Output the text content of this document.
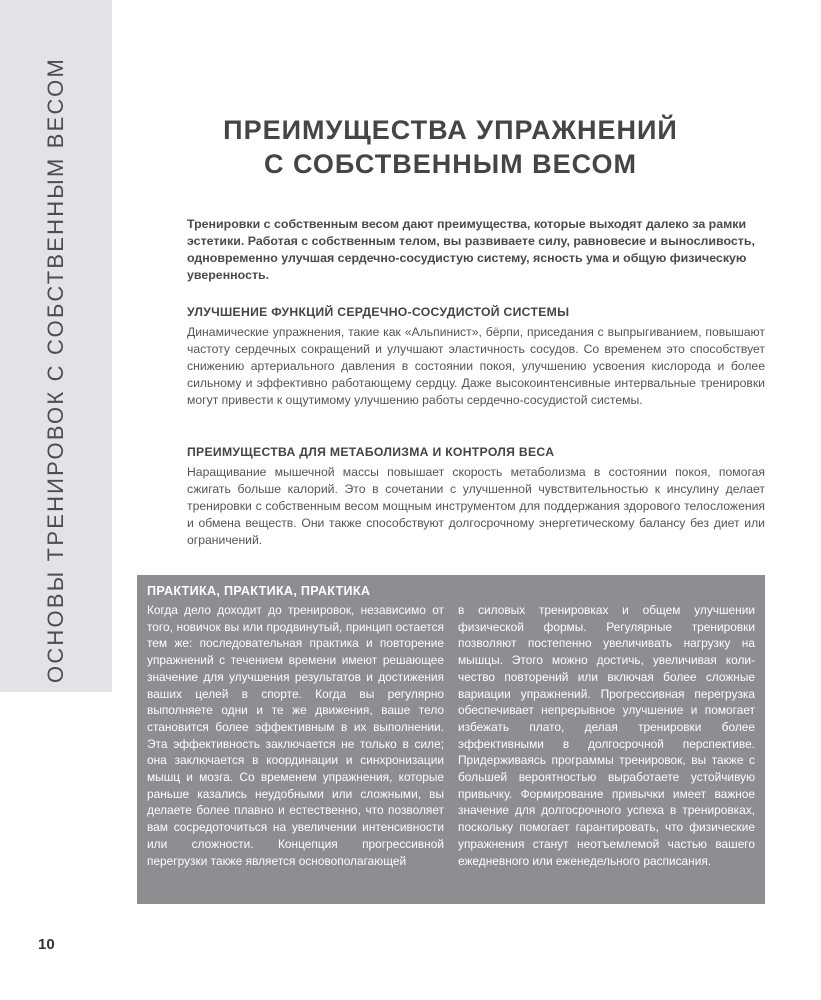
ОСНОВЫ ТРЕНИРОВОК С СОБСТВЕННЫМ ВЕСОМ	ПРЕИМУЩЕСТВА УПРАЖНЕНИЙ
С СОБСТВЕННЫМ ВЕСОМ
Тренировки с собственным весом дают преимущества, которые выходят далеко за рамки эстетики. Работая с собственным телом, вы развиваете силу, равновесие и выносливость, одновременно улучшая сердечно-сосудистую систему, ясность ума и общую физическую уверенность.
УЛУЧШЕНИЕ ФУНКЦИЙ СЕРДЕЧНО-СОСУДИСТОЙ СИСТЕМЫ

Динамические упражнения, такие как «Альпинист», бёрпи, приседания с выпрыгиванием, повышают частоту сердечных сокращений и улучшают эластичность сосудов. Со временем это способствует снижению артериального давления в состоянии покоя, улучшению усвоения кислорода и более сильному и эффективно работающему сердцу. Даже высокоинтенсивные интервальные тренировки могут привести к ощутимому улучшению работы сердечно-сосудистой системы.

ПРЕИМУЩЕСТВА ДЛЯ МЕТАБОЛИЗМА И КОНТРОЛЯ ВЕСА

Наращивание мышечной массы повышает скорость метаболизма в состоянии покоя, помогая сжигать больше калорий. Это в сочетании с улучшенной чувствительностью к инсулину делает тренировки с собственным весом мощным инструментом для поддержания здорового телосложения и обмена веществ. Они также способствуют долгосрочному энергетическому балансу без диет или ограничений.

ПРАКТИКА, ПРАКТИКА, ПРАКТИКА

Когда дело доходит до тренировок, независимо от того, новичок вы или продвинутый, принцип остается тем же: последовательная практика и повторение упражнений с течением времени имеют решающее значение для улучшения результатов и достижения ваших целей в спорте. Когда вы регулярно выполняете одни и те же движения, ваше тело становится более эффективным в их выполнении. Эта эффективность заключается не только в силе; она заключается в координации и синхронизации мышц и мозга. Со временем упражнения, которые раньше казались неудобными или сложными, вы делаете более плавно и естественно, что позволяет вам сосредоточиться на увеличении интенсивности или сложности. Концепция прогрессивной перегрузки также является основополагающей

в силовых тренировках и общем улучшении физической формы. Регулярные тренировки позволяют постепенно увеличивать нагрузку на мышцы. Этого можно достичь, увеличивая количество повторений или включая более сложные вариации упражнений. Прогрессивная перегрузка обеспечивает непрерывное улучшение и помогает избежать плато, делая тренировки более эффективными в долгосрочной перспективе. Придерживаясь программы тренировок, вы также с большей вероятностью выработаете устойчивую привычку. Формирование привычки имеет важное значение для долгосрочного успеха в тренировках, поскольку помогает гарантировать, что физические упражнения станут неотъемлемой частью вашего ежедневного или еженедельного расписания.

10
